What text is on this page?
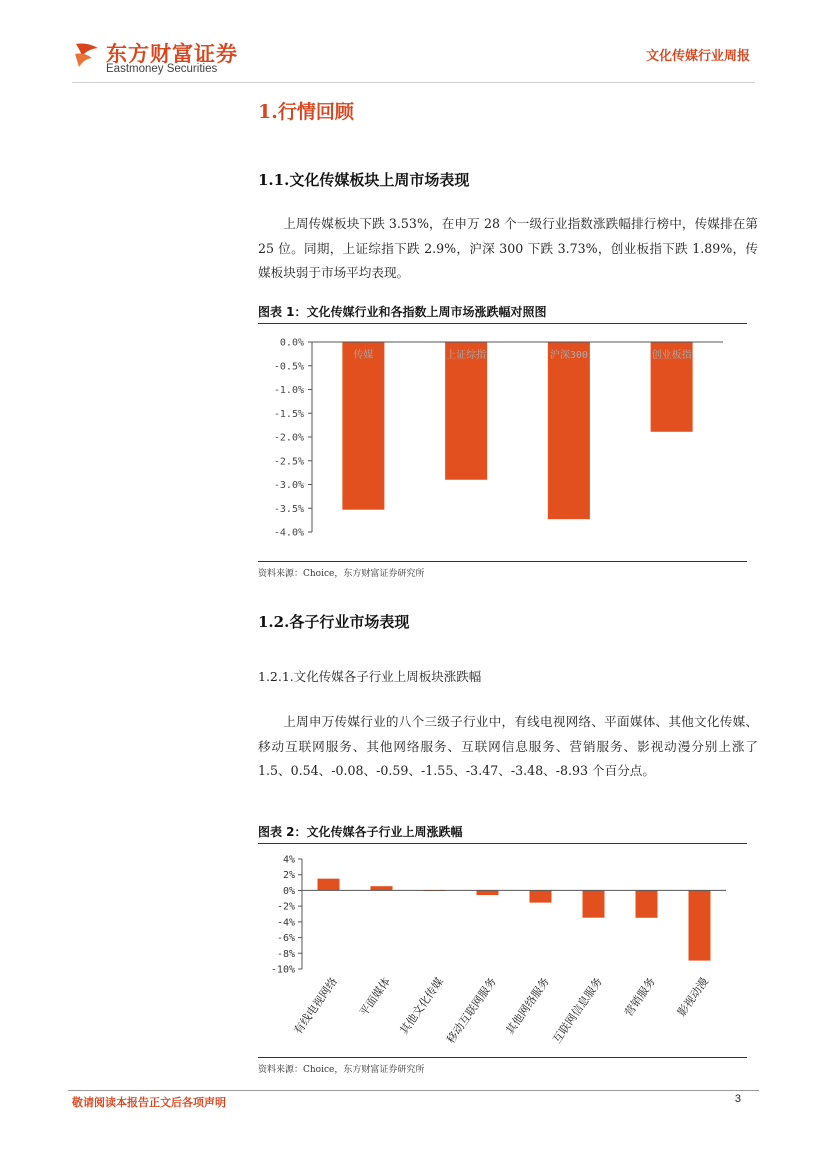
东方财富证券
Eastmoney Securities
文化传媒行业周报
1.行情回顾
1.1.文化传媒板块上周市场表现
上周传媒板块下跌 3.53%，在申万 28 个一级行业指数涨跌幅排行榜中，传媒排在第 25 位。同期，上证综指下跌 2.9%，沪深 300 下跌 3.73%，创业板指下跌 1.89%，传媒板块弱于市场平均表现。
图表 1：文化传媒行业和各指数上周市场涨跌幅对照图
0.0%
-0.5%
-1.0%
-1.5%
-2.0%
-2.5%
-3.0%
-3.5%
-4.0%
传媒	上证综指	沪深300	创业板指
资料来源：Choice，东方财富证券研究所
1.2.各子行业市场表现
1.2.1.文化传媒各子行业上周板块涨跌幅
上周申万传媒行业的八个三级子行业中，有线电视网络、平面媒体、其他文化传媒、移动互联网服务、其他网络服务、互联网信息服务、营销服务、影视动漫分别上涨了 1.5、0.54、-0.08、-0.59、-1.55、-3.47、-3.48、-8.93 个百分点。
图表 2：文化传媒各子行业上周涨跌幅
4%
2%
0%
-2%
-4%
-6%
-8%
-10%
有线电视网络 平面媒体 其他文化传媒
移动互联网服务 其他网络服务
互联网信息服务 营销服务 影视动漫
资料来源：Choice，东方财富证券研究所
敬请阅读本报告正文后各项声明	3
